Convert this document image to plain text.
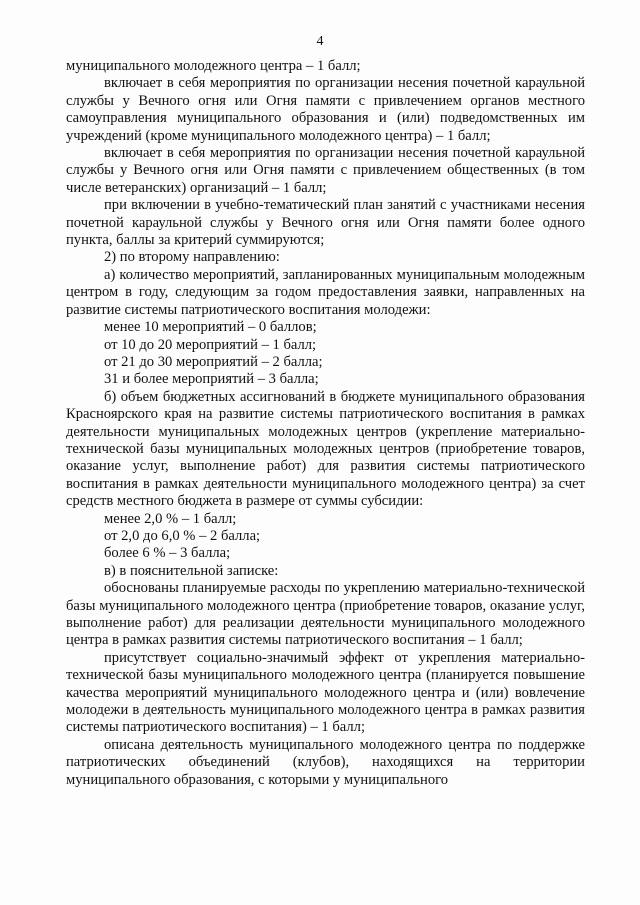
4

муниципального молодежного центра – 1 балл;

включает в себя мероприятия по организации несения почетной караульной службы у Вечного огня или Огня памяти с привлечением органов местного самоуправления муниципального образования и (или) подведомственных им учреждений (кроме муниципального молодежного центра) – 1 балл;

включает в себя мероприятия по организации несения почетной караульной службы у Вечного огня или Огня памяти с привлечением общественных (в том числе ветеранских) организаций – 1 балл;

при включении в учебно-тематический план занятий с участниками несения почетной караульной службы у Вечного огня или Огня памяти более одного пункта, баллы за критерий суммируются;

2) по второму направлению:

а) количество мероприятий, запланированных муниципальным молодежным центром в году, следующим за годом предоставления заявки, направленных на развитие системы патриотического воспитания молодежи:

менее 10 мероприятий – 0 баллов;

от 10 до 20 мероприятий – 1 балл;

от 21 до 30 мероприятий – 2 балла;

31 и более мероприятий – 3 балла;

б) объем бюджетных ассигнований в бюджете муниципального образования Красноярского края на развитие системы патриотического воспитания в рамках деятельности муниципальных молодежных центров (укрепление материально-технической базы муниципальных молодежных центров (приобретение товаров, оказание услуг, выполнение работ) для развития системы патриотического воспитания в рамках деятельности муниципального молодежного центра) за счет средств местного бюджета в размере от суммы субсидии:

менее 2,0 % – 1 балл;

от 2,0 до 6,0 % – 2 балла;

более 6 % – 3 балла;

в) в пояснительной записке:

обоснованы планируемые расходы по укреплению материально-технической базы муниципального молодежного центра (приобретение товаров, оказание услуг, выполнение работ) для реализации деятельности муниципального молодежного центра в рамках развития системы патриотического воспитания – 1 балл;

присутствует социально-значимый эффект от укрепления материально-технической базы муниципального молодежного центра (планируется повышение качества мероприятий муниципального молодежного центра и (или) вовлечение молодежи в деятельность муниципального молодежного центра в рамках развития системы патриотического воспитания) – 1 балл;

описана деятельность муниципального молодежного центра по поддержке патриотических объединений (клубов), находящихся на территории муниципального образования, с которыми у муниципального
